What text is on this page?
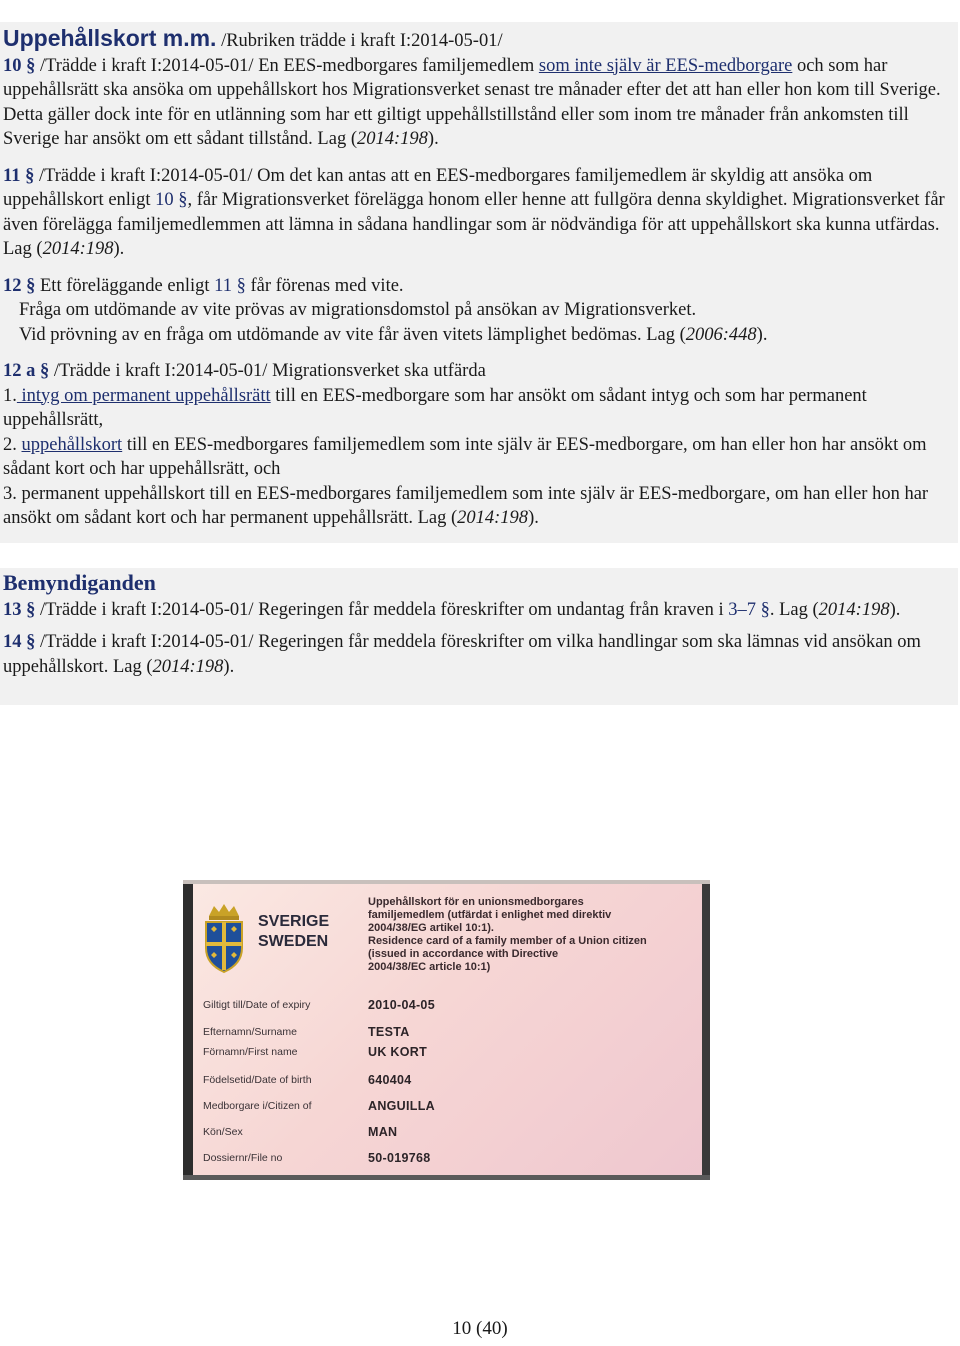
Uppehållskort m.m. /Rubriken trädde i kraft I:2014-05-01/

10 § /Trädde i kraft I:2014-05-01/ En EES-medborgares familjemedlem som inte själv är EES-medborgare och som har uppehållsrätt ska ansöka om uppehållskort hos Migrationsverket senast tre månader efter det att han eller hon kom till Sverige. Detta gäller dock inte för en utlänning som har ett giltigt uppehållstillstånd eller som inom tre månader från ankomsten till Sverige har ansökt om ett sådant tillstånd. Lag (2014:198).

11 § /Trädde i kraft I:2014-05-01/ Om det kan antas att en EES-medborgares familjemedlem är skyldig att ansöka om uppehållskort enligt 10 §, får Migrationsverket förelägga honom eller henne att fullgöra denna skyldighet. Migrationsverket får även förelägga familjemedlemmen att lämna in sådana handlingar som är nödvändiga för att uppehållskort ska kunna utfärdas. Lag (2014:198).

12 § Ett föreläggande enligt 11 § får förenas med vite.

Fråga om utdömande av vite prövas av migrationsdomstol på ansökan av Migrationsverket.

Vid prövning av en fråga om utdömande av vite får även vitets lämplighet bedömas. Lag (2006:448).

12 a § /Trädde i kraft I:2014-05-01/ Migrationsverket ska utfärda

1. intyg om permanent uppehållsrätt till en EES-medborgare som har ansökt om sådant intyg och som har permanent uppehållsrätt,

2. uppehållskort till en EES-medborgares familjemedlem som inte själv är EES-medborgare, om han eller hon har ansökt om sådant kort och har uppehållsrätt, och

3. permanent uppehållskort till en EES-medborgares familjemedlem som inte själv är EES-medborgare, om han eller hon har ansökt om sådant kort och har permanent uppehållsrätt. Lag (2014:198).

Bemyndiganden

13 § /Trädde i kraft I:2014-05-01/ Regeringen får meddela föreskrifter om undantag från kraven i 3–7 §. Lag (2014:198).

14 § /Trädde i kraft I:2014-05-01/ Regeringen får meddela föreskrifter om vilka handlingar som ska lämnas vid ansökan om uppehållskort. Lag (2014:198).

SVERIGE
SWEDEN
Uppehållskort för en unionsmedborgares
familjemedlem (utfärdat i enlighet med direktiv
2004/38/EG artikel 10:1).
Residence card of a family member of a Union citizen
(issued in accordance with Directive
2004/38/EC article 10:1)
Giltigt till/Date of expiry	2010-04-05
Efternamn/Surname	TESTA
Förnamn/First name	UK KORT
Födelsetid/Date of birth	640404
Medborgare i/Citizen of	ANGUILLA
Kön/Sex	MAN
Dossiernr/File no	50-019768
10 (40)
